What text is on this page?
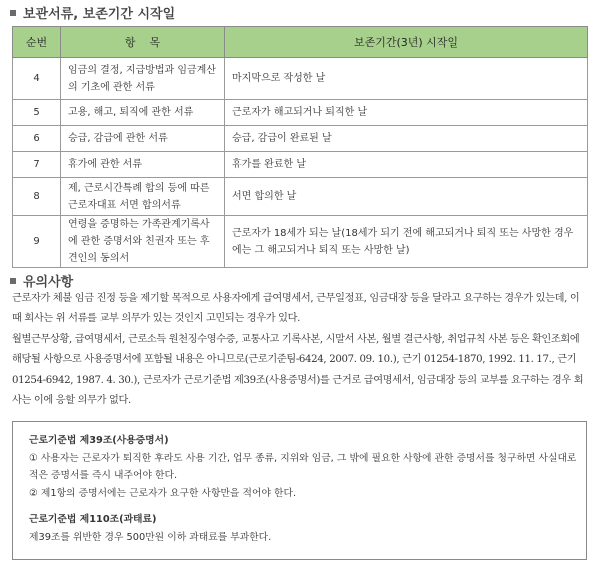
보관서류, 보존기간 시작일
순번	항    목	보존기간(3년) 시작일
4	임금의 결정, 지급방법과 임금계산의 기초에 관한 서류	마지막으로 작성한 날
5	고용, 해고, 퇴직에 관한 서류	근로자가 해고되거나 퇴직한 날
6	승급, 감급에 관한 서류	승급, 감급이 완료된 날
7	휴가에 관한 서류	휴가를 완료한 날
8	제, 근로시간특례 합의 등에 따른 근로자대표 서면 합의서류	서면 합의한 날
9	연령을 증명하는 가족관계기록사에 관한 증명서와 친권자 또는 후견인의 동의서	근로자가 18세가 되는 날(18세가 되기 전에 해고되거나 퇴직 또는 사망한 경우에는 그 해고되거나 퇴직 또는 사망한 날)
유의사항

근로자가 체불 임금 진정 등을 제기할 목적으로 사용자에게 급여명세서, 근무일정표, 임금대장 등을 달라고 요구하는 경우가 있는데, 이 때 회사는 위 서류를 교부 의무가 있는 것인지 고민되는 경우가 있다.

월별근무상황, 급여명세서, 근로소득 원천징수영수증, 교통사고 기록사본, 시말서 사본, 월별 결근사항, 취업규칙 사본 등은 확인조회에 해당될 사항으로 사용증명서에 포함될 내용은 아니므로(근로기준팀-6424, 2007. 09. 10.), 근기 01254-1870, 1992. 11. 17., 근기 01254-6942, 1987. 4. 30.), 근로자가 근로기준법 제39조(사용증명서)를 근거로 급여명세서, 임금대장 등의 교부를 요구하는 경우 회사는 이에 응할 의무가 없다.

근로기준법 제39조(사용증명서)

① 사용자는 근로자가 퇴직한 후라도 사용 기간, 업무 종류, 지위와 임금, 그 밖에 필요한 사항에 관한 증명서를 청구하면 사실대로 적은 증명서를 즉시 내주어야 한다.

② 제1항의 증명서에는 근로자가 요구한 사항만을 적어야 한다.

근로기준법 제110조(과태료)

제39조를 위반한 경우 500만원 이하 과태료를 부과한다.
